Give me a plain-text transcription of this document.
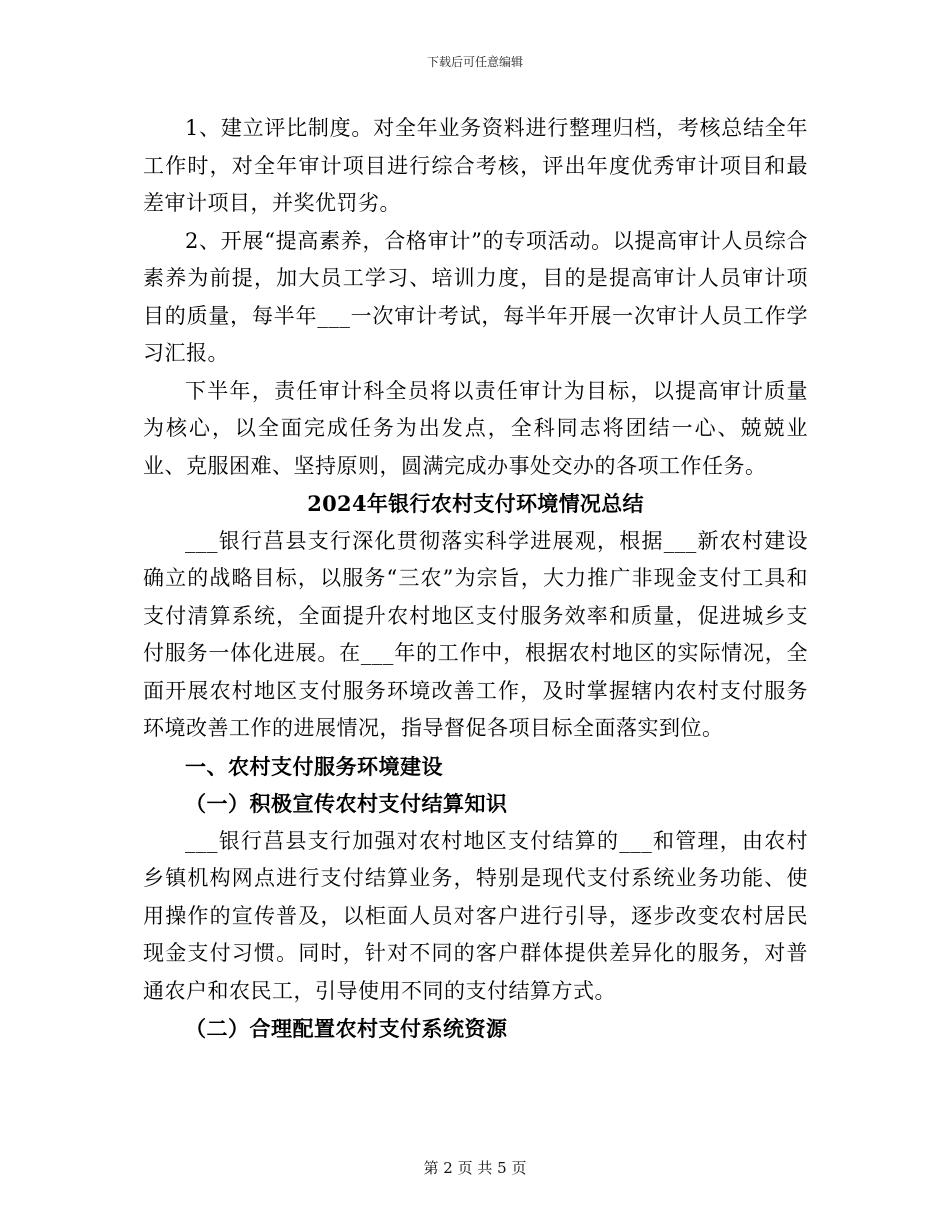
下载后可任意编辑

1、建立评比制度。对全年业务资料进行整理归档，考核总结全年工作时，对全年审计项目进行综合考核，评出年度优秀审计项目和最差审计项目，并奖优罚劣。

2、开展“提高素养，合格审计”的专项活动。以提高审计人员综合素养为前提，加大员工学习、培训力度，目的是提高审计人员审计项目的质量，每半年___一次审计考试，每半年开展一次审计人员工作学习汇报。

下半年，责任审计科全员将以责任审计为目标，以提高审计质量为核心，以全面完成任务为出发点，全科同志将团结一心、兢兢业业、克服困难、坚持原则，圆满完成办事处交办的各项工作任务。

2024年银行农村支付环境情况总结

___银行莒县支行深化贯彻落实科学进展观，根据___新农村建设确立的战略目标，以服务“三农”为宗旨，大力推广非现金支付工具和支付清算系统，全面提升农村地区支付服务效率和质量，促进城乡支付服务一体化进展。在___年的工作中，根据农村地区的实际情况，全面开展农村地区支付服务环境改善工作，及时掌握辖内农村支付服务环境改善工作的进展情况，指导督促各项目标全面落实到位。

一、农村支付服务环境建设

（一）积极宣传农村支付结算知识

___银行莒县支行加强对农村地区支付结算的___和管理，由农村乡镇机构网点进行支付结算业务，特别是现代支付系统业务功能、使用操作的宣传普及，以柜面人员对客户进行引导，逐步改变农村居民现金支付习惯。同时，针对不同的客户群体提供差异化的服务，对普通农户和农民工，引导使用不同的支付结算方式。

（二）合理配置农村支付系统资源

第 2 页 共 5 页
